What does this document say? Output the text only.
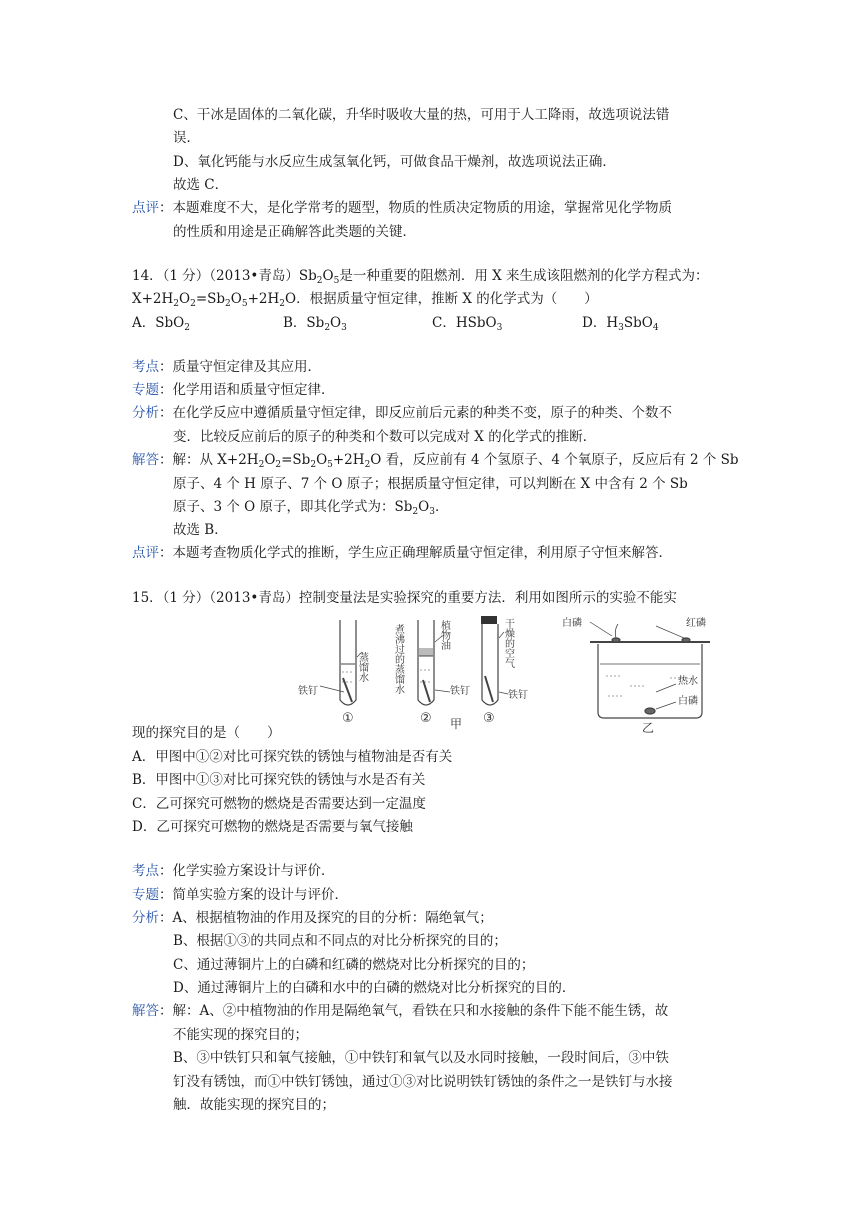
C、干冰是固体的二氧化碳，升华时吸收大量的热，可用于人工降雨，故选项说法错
误．
D、氧化钙能与水反应生成氢氧化钙，可做食品干燥剂，故选项说法正确．
故选 C．
点评：本题难度不大，是化学常考的题型，物质的性质决定物质的用途，掌握常见化学物质
的性质和用途是正确解答此类题的关键．
14．（1 分）（2013•青岛）$Sb_2O_5$是一种重要的阻燃剂．用 X 来生成该阻燃剂的化学方程式为：
$X+2H_2O_2=Sb_2O_5+2H_2O$．根据质量守恒定律，推断 X 的化学式为（　　）
A．SbO$_2$	B．$Sb_2O_3$	C．HSbO$_3$	D．$H_3SbO_4$
考点：质量守恒定律及其应用．
专题：化学用语和质量守恒定律．
分析：在化学反应中遵循质量守恒定律，即反应前后元素的种类不变，原子的种类、个数不
变．比较反应前后的原子的种类和个数可以完成对 X 的化学式的推断．
解答：解：从 $X+2H_2O_2=Sb_2O_5+2H_2O$ 看，反应前有 4 个氢原子、4 个氧原子，反应后有 2 个 Sb
原子、4 个 H 原子、7 个 O 原子；根据质量守恒定律，可以判断在 X 中含有 2 个 Sb
原子、3 个 O 原子，即其化学式为：$Sb_2O_3$．
故选 B．
点评：本题考查物质化学式的推断，学生应正确理解质量守恒定律，利用原子守恒来解答．
15．（1 分）（2013•青岛）控制变量法是实验探究的重要方法．利用如图所示的实验不能实
铁钉
蒸馏水
①
煮沸过的蒸馏水	植物油
铁钉
② 甲
干燥的空气
铁钉
③
白磷	红磷
热水
白磷
乙
现的探究目的是（　　）
A．甲图中①②对比可探究铁的锈蚀与植物油是否有关
B．甲图中①③对比可探究铁的锈蚀与水是否有关
C．乙可探究可燃物的燃烧是否需要达到一定温度
D．乙可探究可燃物的燃烧是否需要与氧气接触
考点：化学实验方案设计与评价．
专题：简单实验方案的设计与评价．
分析：A、根据植物油的作用及探究的目的分析：隔绝氧气；
B、根据①③的共同点和不同点的对比分析探究的目的；
C、通过薄铜片上的白磷和红磷的燃烧对比分析探究的目的；
D、通过薄铜片上的白磷和水中的白磷的燃烧对比分析探究的目的．
解答：解：A、②中植物油的作用是隔绝氧气，看铁在只和水接触的条件下能不能生锈，故
不能实现的探究目的；
B、③中铁钉只和氧气接触，①中铁钉和氧气以及水同时接触，一段时间后，③中铁
钉没有锈蚀，而①中铁钉锈蚀，通过①③对比说明铁钉锈蚀的条件之一是铁钉与水接
触．故能实现的探究目的；
